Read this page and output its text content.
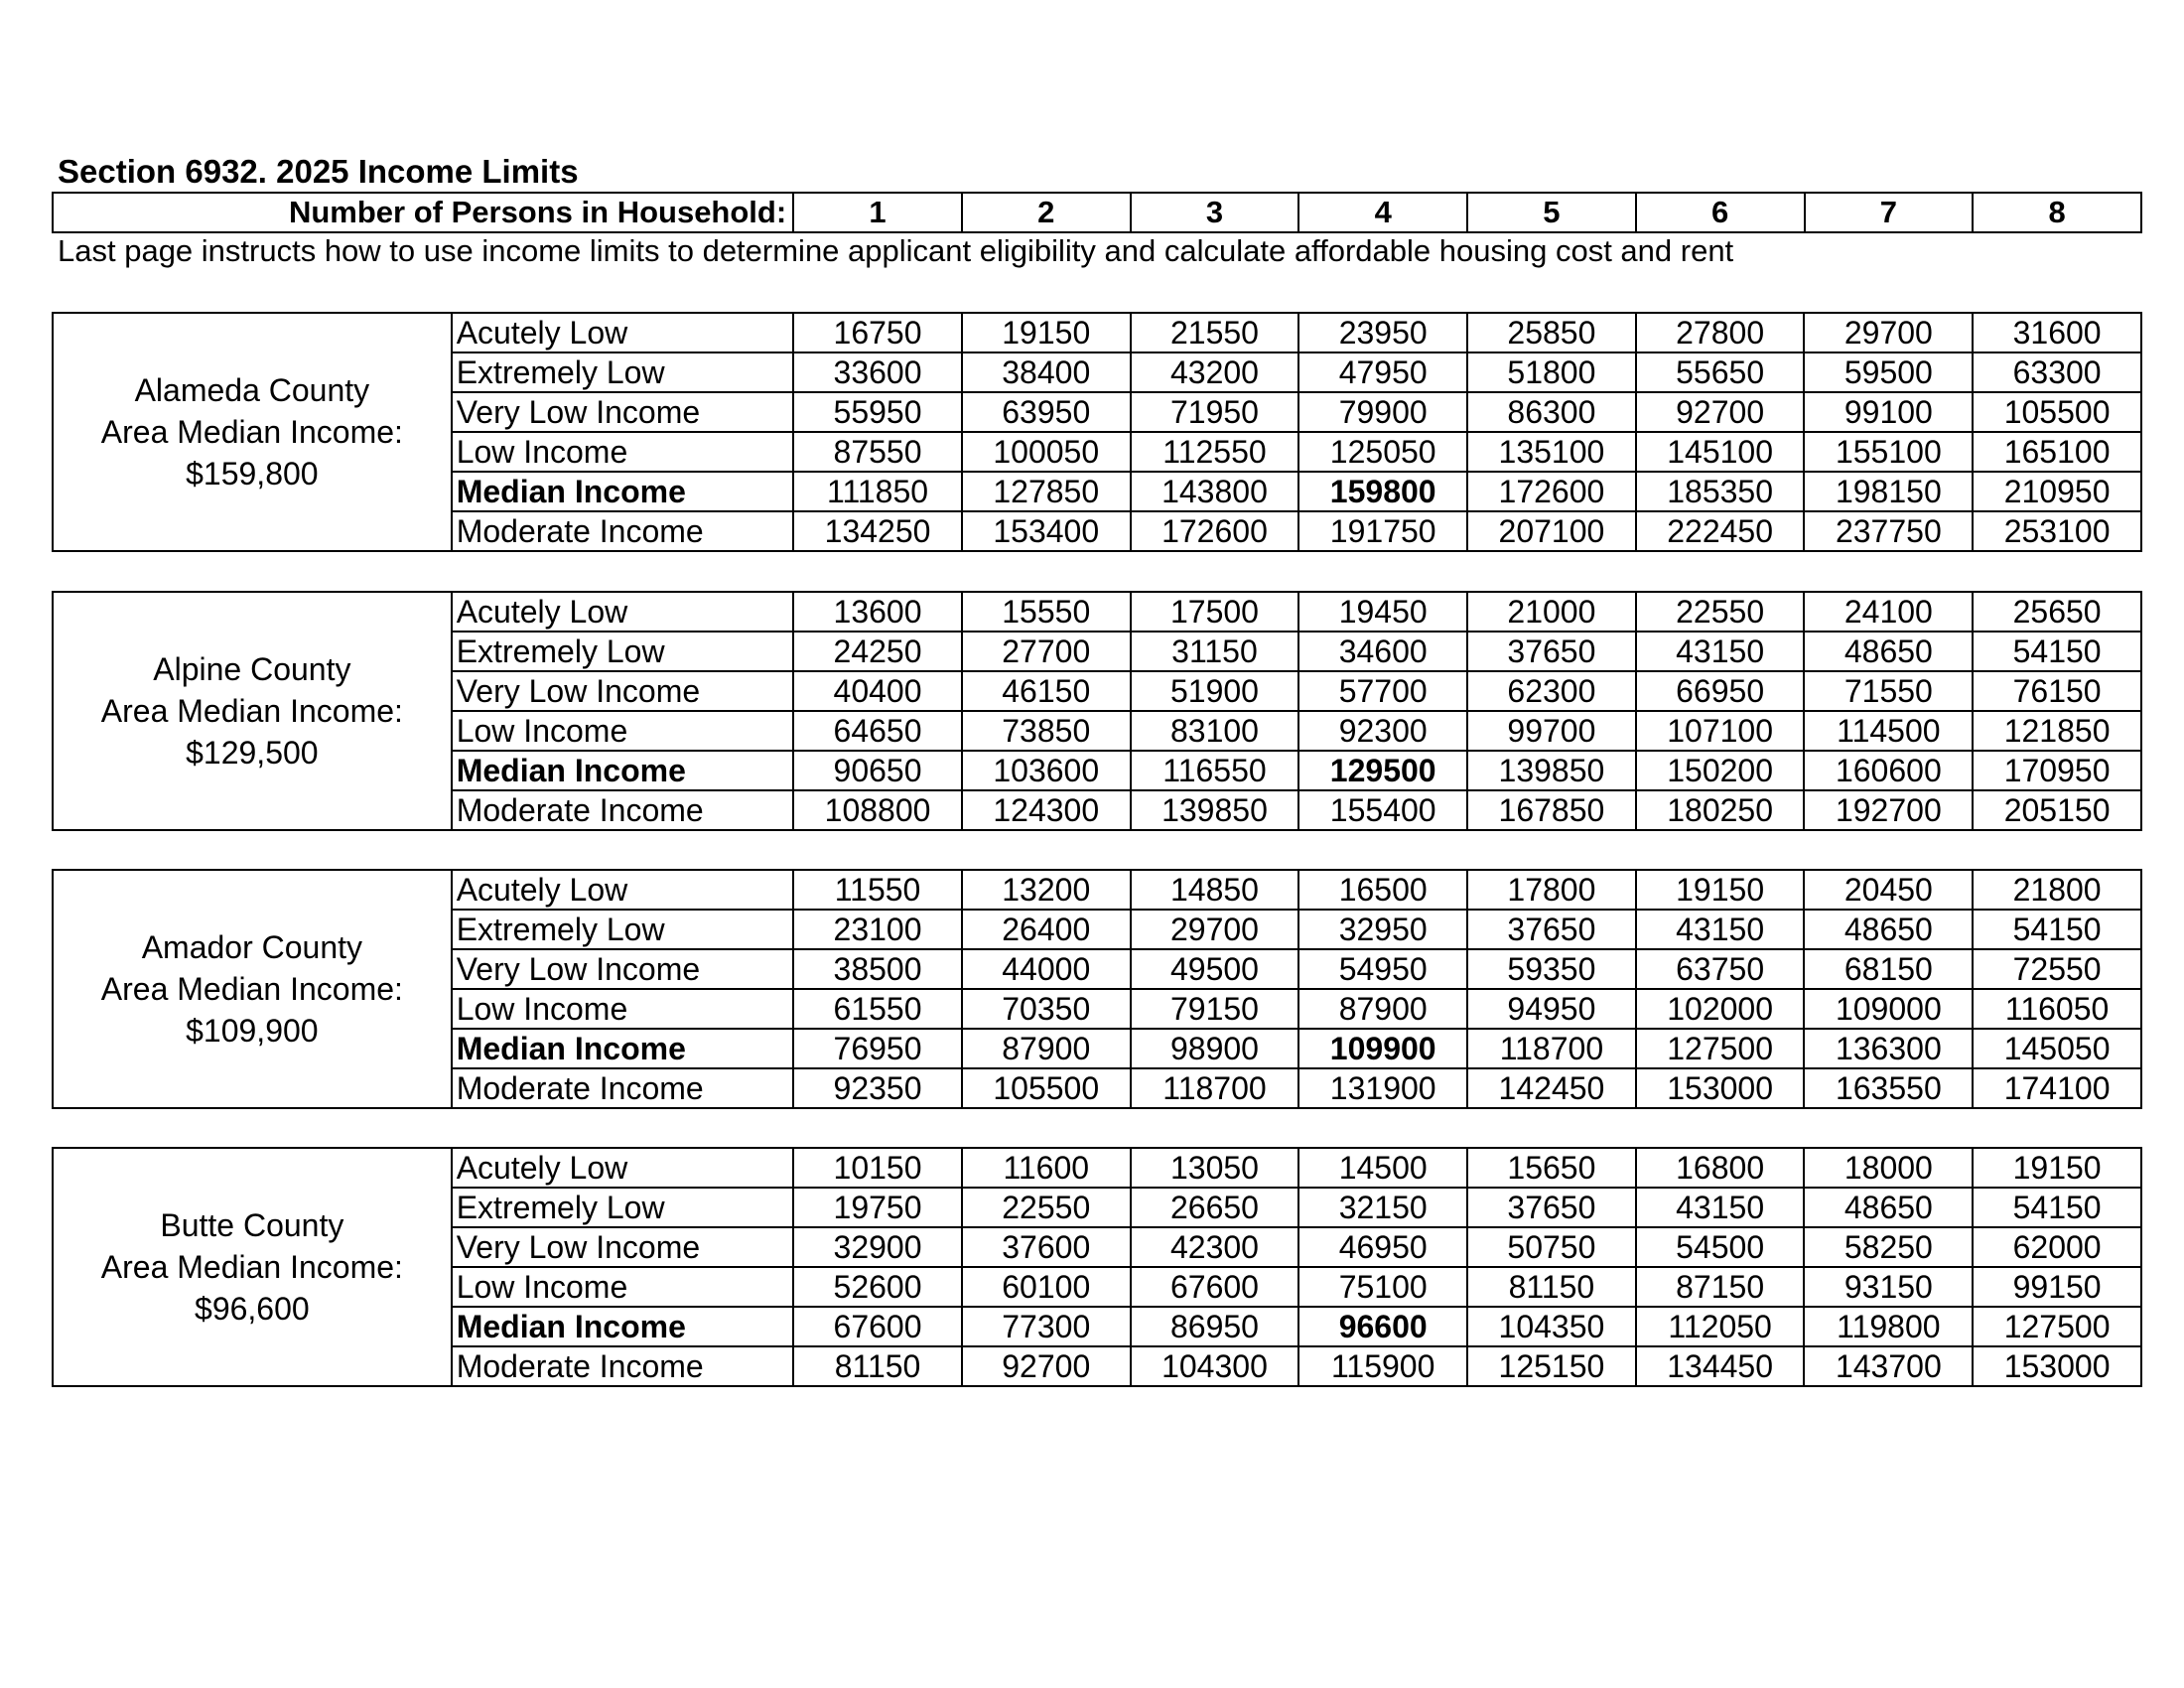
Section 6932. 2025 Income Limits
Number of Persons in Household:	1	2	3	4	5	6	7	8
Last page instructs how to use income limits to determine applicant eligibility and calculate affordable housing cost and rent
Alameda County
Area Median Income:
$159,800	Acutely Low	16750	19150	21550	23950	25850	27800	29700	31600
	Extremely Low	33600	38400	43200	47950	51800	55650	59500	63300
	Very Low Income	55950	63950	71950	79900	86300	92700	99100	105500
	Low Income	87550	100050	112550	125050	135100	145100	155100	165100
	Median Income	111850	127850	143800	159800	172600	185350	198150	210950
	Moderate Income	134250	153400	172600	191750	207100	222450	237750	253100
Alpine County
Area Median Income:
$129,500	Acutely Low	13600	15550	17500	19450	21000	22550	24100	25650
	Extremely Low	24250	27700	31150	34600	37650	43150	48650	54150
	Very Low Income	40400	46150	51900	57700	62300	66950	71550	76150
	Low Income	64650	73850	83100	92300	99700	107100	114500	121850
	Median Income	90650	103600	116550	129500	139850	150200	160600	170950
	Moderate Income	108800	124300	139850	155400	167850	180250	192700	205150
Amador County
Area Median Income:
$109,900	Acutely Low	11550	13200	14850	16500	17800	19150	20450	21800
	Extremely Low	23100	26400	29700	32950	37650	43150	48650	54150
	Very Low Income	38500	44000	49500	54950	59350	63750	68150	72550
	Low Income	61550	70350	79150	87900	94950	102000	109000	116050
	Median Income	76950	87900	98900	109900	118700	127500	136300	145050
	Moderate Income	92350	105500	118700	131900	142450	153000	163550	174100
Butte County
Area Median Income:
$96,600	Acutely Low	10150	11600	13050	14500	15650	16800	18000	19150
	Extremely Low	19750	22550	26650	32150	37650	43150	48650	54150
	Very Low Income	32900	37600	42300	46950	50750	54500	58250	62000
	Low Income	52600	60100	67600	75100	81150	87150	93150	99150
	Median Income	67600	77300	86950	96600	104350	112050	119800	127500
	Moderate Income	81150	92700	104300	115900	125150	134450	143700	153000
